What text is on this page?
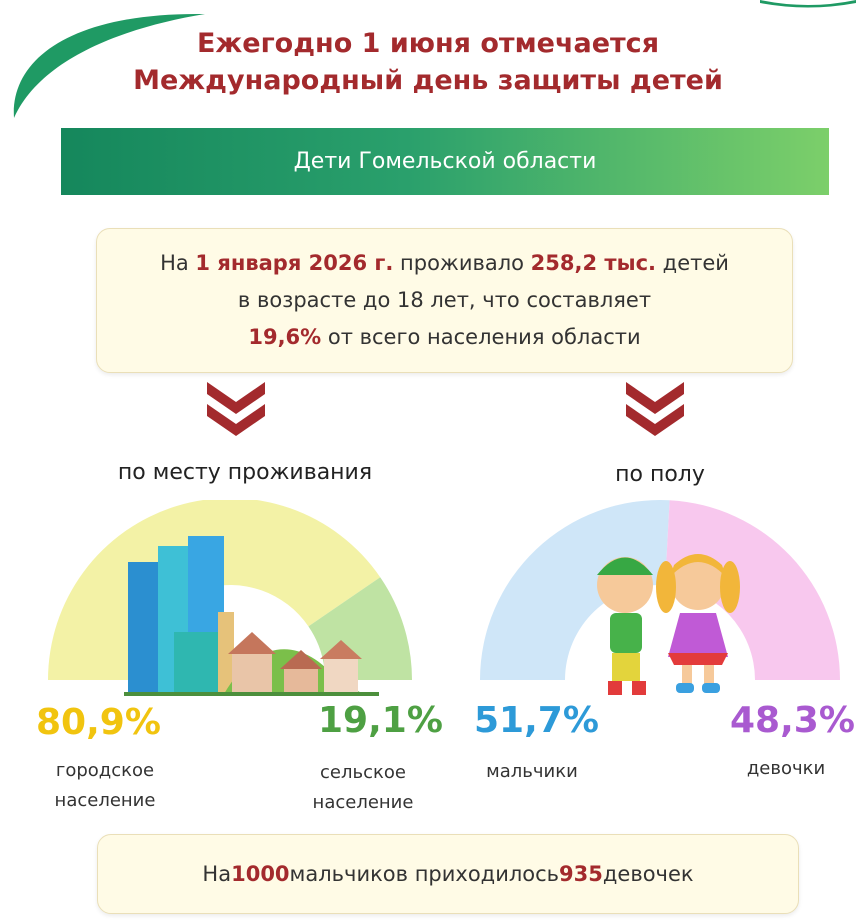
Ежегодно 1 июня отмечается
Международный день защиты детей
Дети Гомельской области
На 1 января 2026 г. проживало 258,2 тыс. детей
в возрасте до 18 лет, что составляет
19,6% от всего населения области
по месту проживания	по полу
80,9%	19,1% 51,7%	48,3%
городское
население
сельское
население
мальчики	девочки
На 1000 мальчиков приходилось 935 девочек
